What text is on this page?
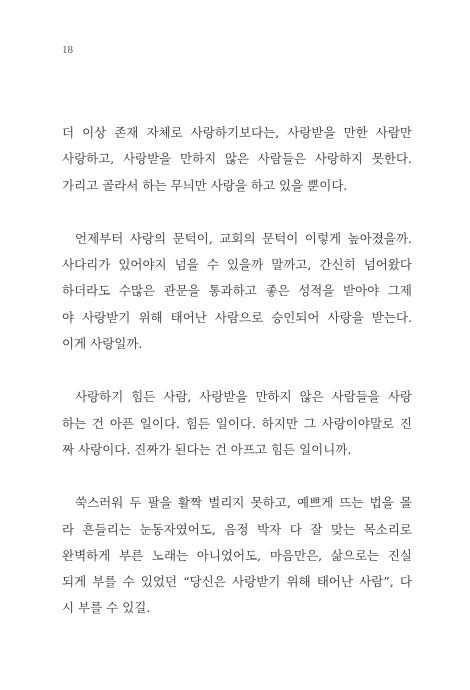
18

더 이상 존재 자체로 사랑하기보다는, 사랑받을 만한 사람만
사랑하고, 사랑받을 만하지 않은 사람들은 사랑하지 못한다.
가리고 골라서 하는 무늬만 사랑을 하고 있을 뿐이다.

언제부터 사랑의 문턱이, 교회의 문턱이 이렇게 높아졌을까.
사다리가 있어야지 넘을 수 있을까 말까고, 간신히 넘어왔다
하더라도 수많은 관문을 통과하고 좋은 성적을 받아야 그제
야 사랑받기 위해 태어난 사람으로 승인되어 사랑을 받는다.
이게 사랑일까.

사랑하기 힘든 사람, 사랑받을 만하지 않은 사람들을 사랑
하는 건 아픈 일이다. 힘든 일이다. 하지만 그 사랑이야말로 진
짜 사랑이다. 진짜가 된다는 건 아프고 힘든 일이니까.

쑥스러워 두 팔을 활짝 벌리지 못하고, 예쁘게 뜨는 법을 몰
라 흔들리는 눈동자였어도, 음정 박자 다 잘 맞는 목소리로
완벽하게 부른 노래는 아니었어도, 마음만은, 삶으로는 진실
되게 부를 수 있었던 “당신은 사랑받기 위해 태어난 사람”, 다
시 부를 수 있길.
